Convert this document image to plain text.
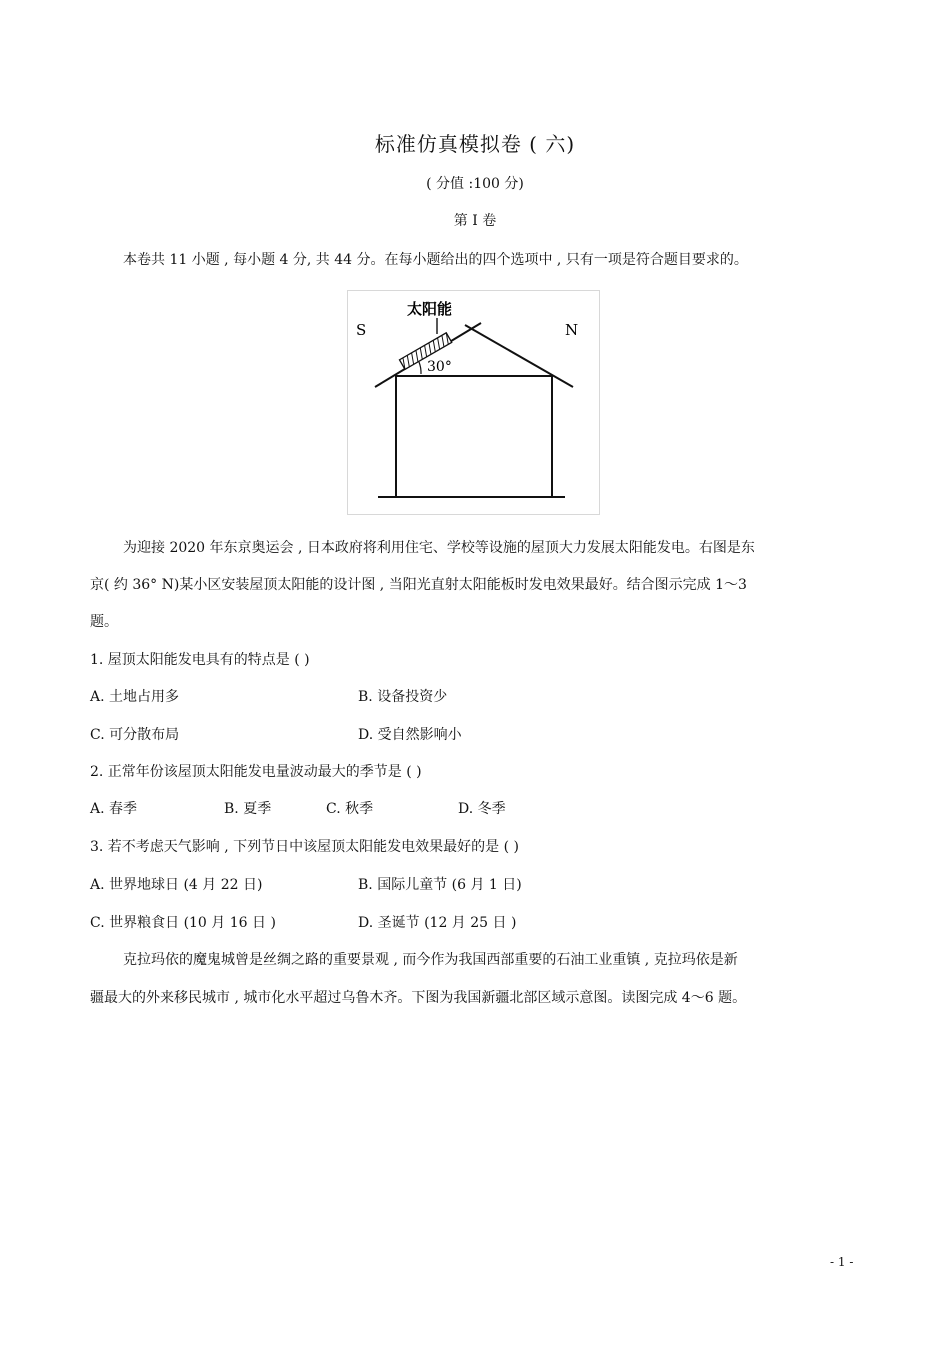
标准仿真模拟卷 ( 六)
( 分值 :100 分)
第 I 卷
本卷共 11 小题 , 每小题 4 分, 共 44 分。在每小题给出的四个选项中 , 只有一项是符合题目要求的。
太阳能
S	N
30°
为迎接 2020 年东京奥运会 , 日本政府将利用住宅、学校等设施的屋顶大力发展太阳能发电。右图是东
京( 约 36° N)某小区安装屋顶太阳能的设计图 , 当阳光直射太阳能板时发电效果最好。结合图示完成 1～3
题。
1. 屋顶太阳能发电具有的特点是 ( )
A. 土地占用多	B. 设备投资少
C. 可分散布局	D. 受自然影响小
2. 正常年份该屋顶太阳能发电量波动最大的季节是 ( )
A. 春季	B. 夏季	C. 秋季	D. 冬季
3. 若不考虑天气影响 , 下列节日中该屋顶太阳能发电效果最好的是 ( )
A. 世界地球日 (4 月 22 日)	B. 国际儿童节 (6 月 1 日)
C. 世界粮食日 (10 月 16 日 )	D. 圣诞节 (12 月 25 日 )
克拉玛依的魔鬼城曾是丝绸之路的重要景观 , 而今作为我国西部重要的石油工业重镇 , 克拉玛依是新
疆最大的外来移民城市 , 城市化水平超过乌鲁木齐。下图为我国新疆北部区域示意图。读图完成 4～6 题。
- 1 -
